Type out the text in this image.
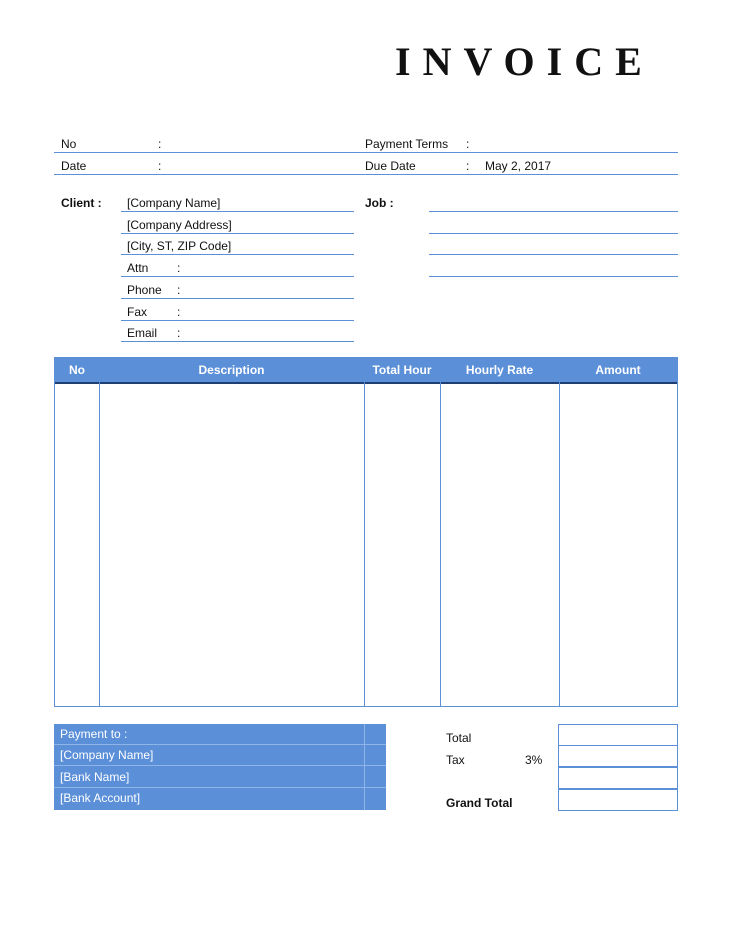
INVOICE
No	:
Date	:
Payment Terms :
Due Date	: May 2, 2017
Client : [Company Name]
[Company Address]
[City, ST, ZIP Code]
Attn :
Phone :
Fax :
Email :
Job :
No	Description	Total Hour	Hourly Rate	Amount
Payment to :
[Company Name]
[Bank Name]
[Bank Account]
Total
Tax	3%
Grand Total
